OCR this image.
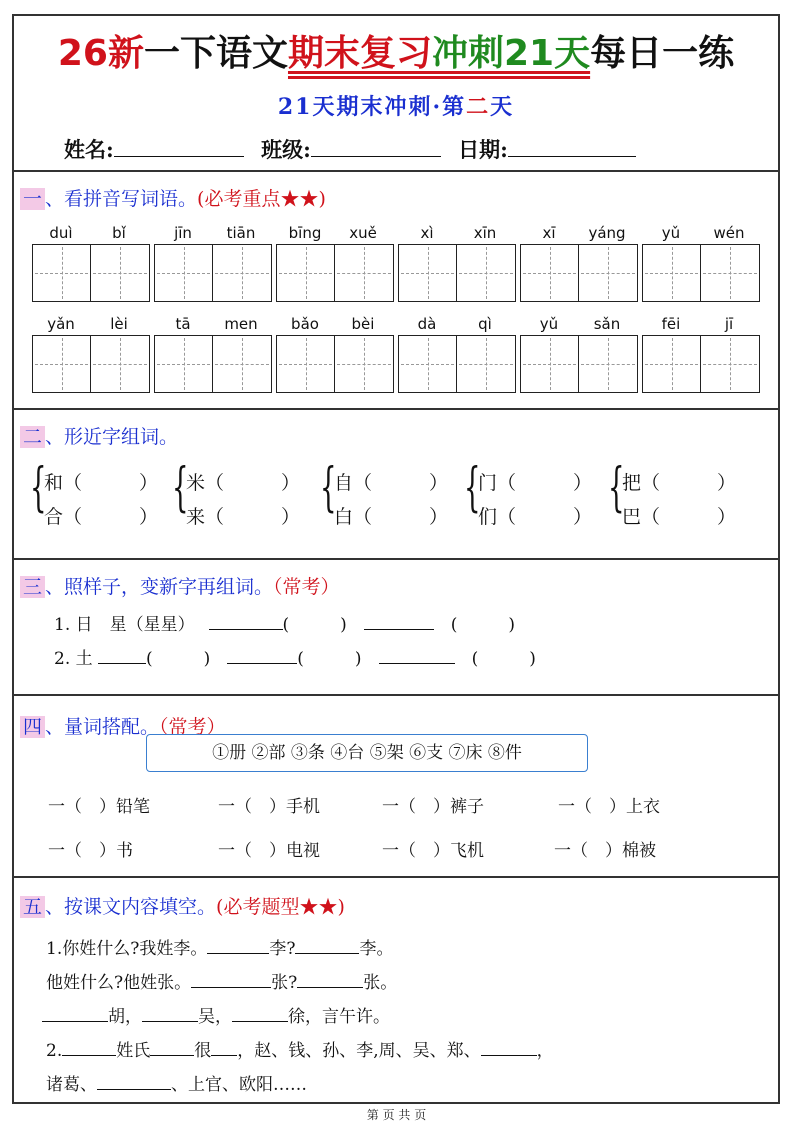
26新一下语文期末复习冲刺21天每日一练
21天期末冲刺·第二天
姓名:	班级:	日期:
一 、看拼音写词语。(必考重点★★)
duì	bǐ	jīn	tiān	bīng	xuě	xì	xīn	xī	yáng	yǔ	wén
yǎn	lèi	tā	men	bǎo	bèi	dà	qì	yǔ	sǎn	fēi	jī
二 、形近字组词。
{
和（　　　）
合（　　　） {
米（　　　）
来（　　　） {
自（　　　）
白（　　　） {
门（　　　）
们（　　　） {
把（　　　）
巴（　　　）
三 、照样子，变新字再组词。（常考）
1. 日　星（星星）　	(　　　)　　	(　　　)
2. 土	(　　　)　	(　　　)　　	(　　　)
四 、量词搭配。（常考）
①册 ②部 ③条 ④台 ⑤架 ⑥支 ⑦床 ⑧件
一（　）铅笔	一（　）手机	一（　）裤子	一（　）上衣
一（　）书	一（　）电视	一（　）飞机	一（　）棉被
五 、按课文内容填空。(必考题型★★)
1.你姓什么?我姓李。	李?	李。
他姓什么?他姓张。	张?	张。
胡，	吴，	徐，言午许。
2.	姓氏	很 ，赵、钱、孙、李,周、吴、郑、	，
诸葛、	、上官、欧阳……
第 页 共 页
